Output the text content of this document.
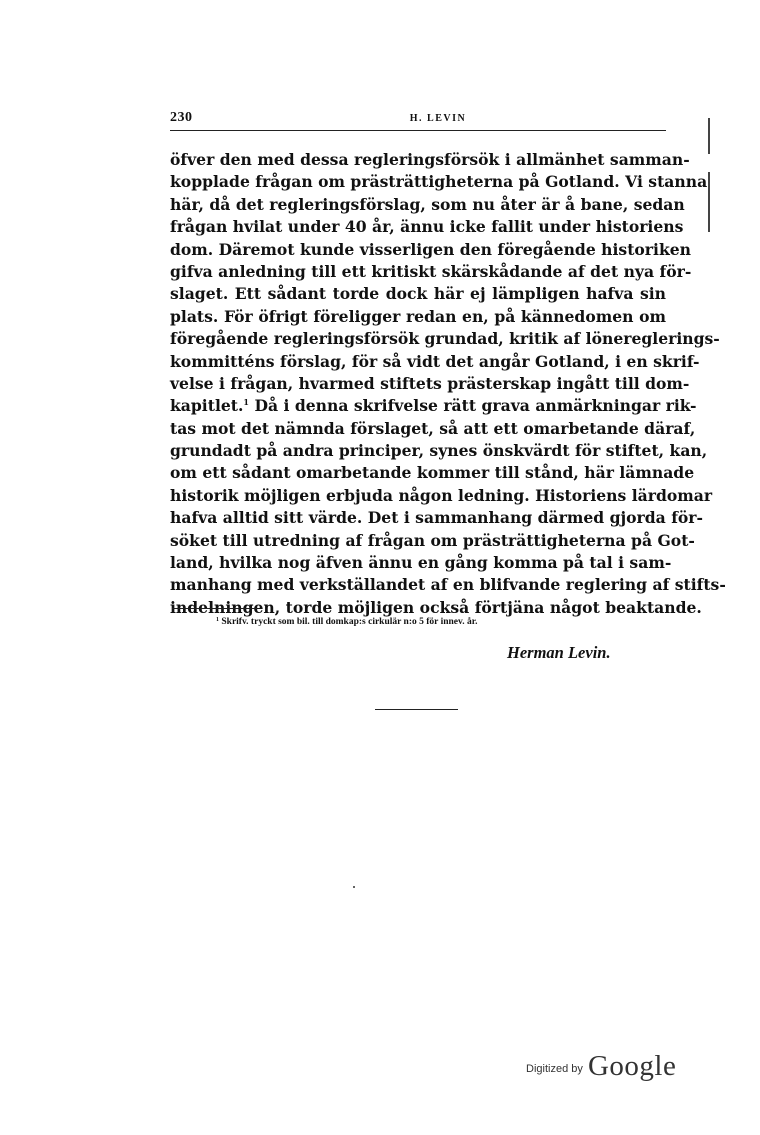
230	H. LEVIN
öfver den med dessa regleringsförsök i allmänhet samman-
kopplade frågan om prästrättigheterna på Gotland. Vi stanna
här, då det regleringsförslag, som nu åter är å bane, sedan
frågan hvilat under 40 år, ännu icke fallit under historiens
dom. Däremot kunde visserligen den föregående historiken
gifva anledning till ett kritiskt skärskådande af det nya för-
slaget. Ett sådant torde dock här ej lämpligen hafva sin
plats. För öfrigt föreligger redan en, på kännedomen om
föregående regleringsförsök grundad, kritik af lönereglerings-
kommitténs förslag, för så vidt det angår Gotland, i en skrif-
velse i frågan, hvarmed stiftets prästerskap ingått till dom-
kapitlet.$^1$ Då i denna skrifvelse rätt grava anmärkningar rik-
tas mot det nämnda förslaget, så att ett omarbetande däraf,
grundadt på andra principer, synes önskvärdt för stiftet, kan,
om ett sådant omarbetande kommer till stånd, här lämnade
historik möjligen erbjuda någon ledning. Historiens lärdomar
hafva alltid sitt värde. Det i sammanhang därmed gjorda för-
söket till utredning af frågan om prästrättigheterna på Got-
land, hvilka nog äfven ännu en gång komma på tal i sam-
manhang med verkställandet af en blifvande reglering af stifts-
indelningen, torde möjligen också förtjäna något beaktande.
$^1$ Skrifv. tryckt som bil. till domkap:s cirkulär n:o 5 för innev. år.
Herman Levin.
Digitized by Google
